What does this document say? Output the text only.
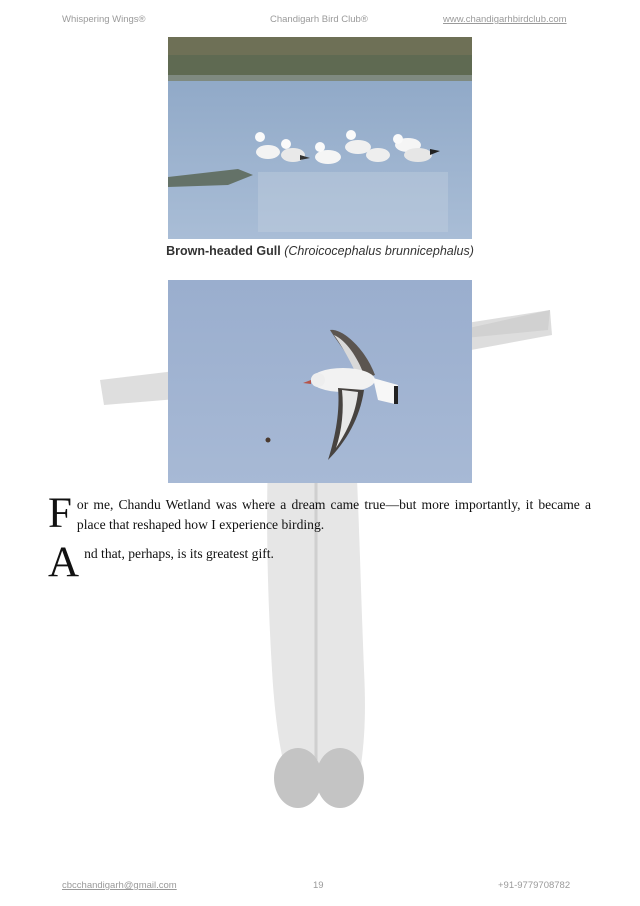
Whispering Wings®	Chandigarh Bird Club®	www.chandigarhbirdclub.com
Brown-headed Gull (Chroicocephalus brunnicephalus)
For me, Chandu Wetland was where a dream came true—but more importantly, it became a place that reshaped how I experience birding.
And that, perhaps, is its greatest gift.
cbcchandigarh@gmail.com	19	+91-9779708782
